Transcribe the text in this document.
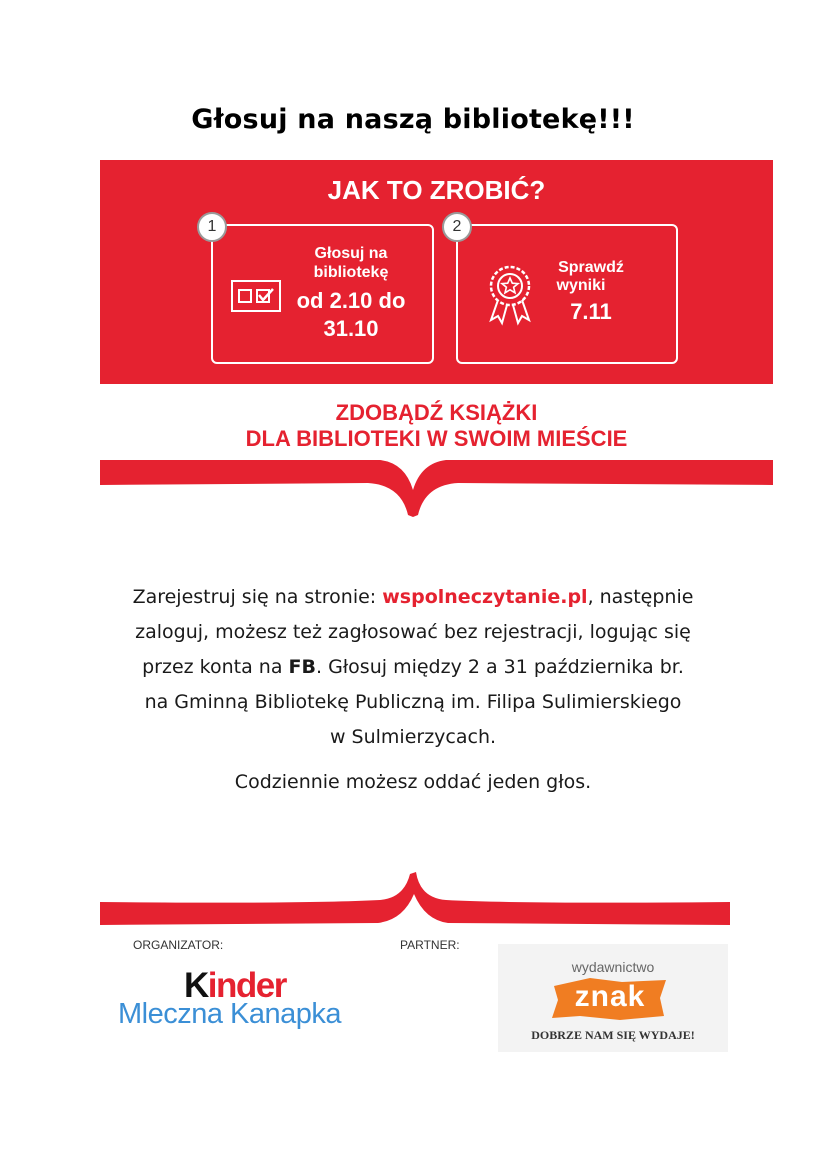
Głosuj na naszą bibliotekę!!!
JAK TO ZROBIĆ?
1
Głosuj na
bibliotekę
od 2.10 do
31.10
2
Sprawdź
wyniki
7.11
ZDOBĄDŹ KSIĄŻKI
DLA BIBLIOTEKI W SWOIM MIEŚCIE
Zarejestruj się na stronie: wspolneczytanie.pl, następnie
zaloguj, możesz też zagłosować bez rejestracji, logując się
przez konta na FB. Głosuj między 2 a 31 października br.
na Gminną Bibliotekę Publiczną im. Filipa Sulimierskiego
w Sulmierzycach.
Codziennie możesz oddać jeden głos.
ORGANIZATOR:	PARTNER:
Kinder
Mleczna Kanapka
wydawnictwo
znak
DOBRZE NAM SIĘ WYDAJE!
